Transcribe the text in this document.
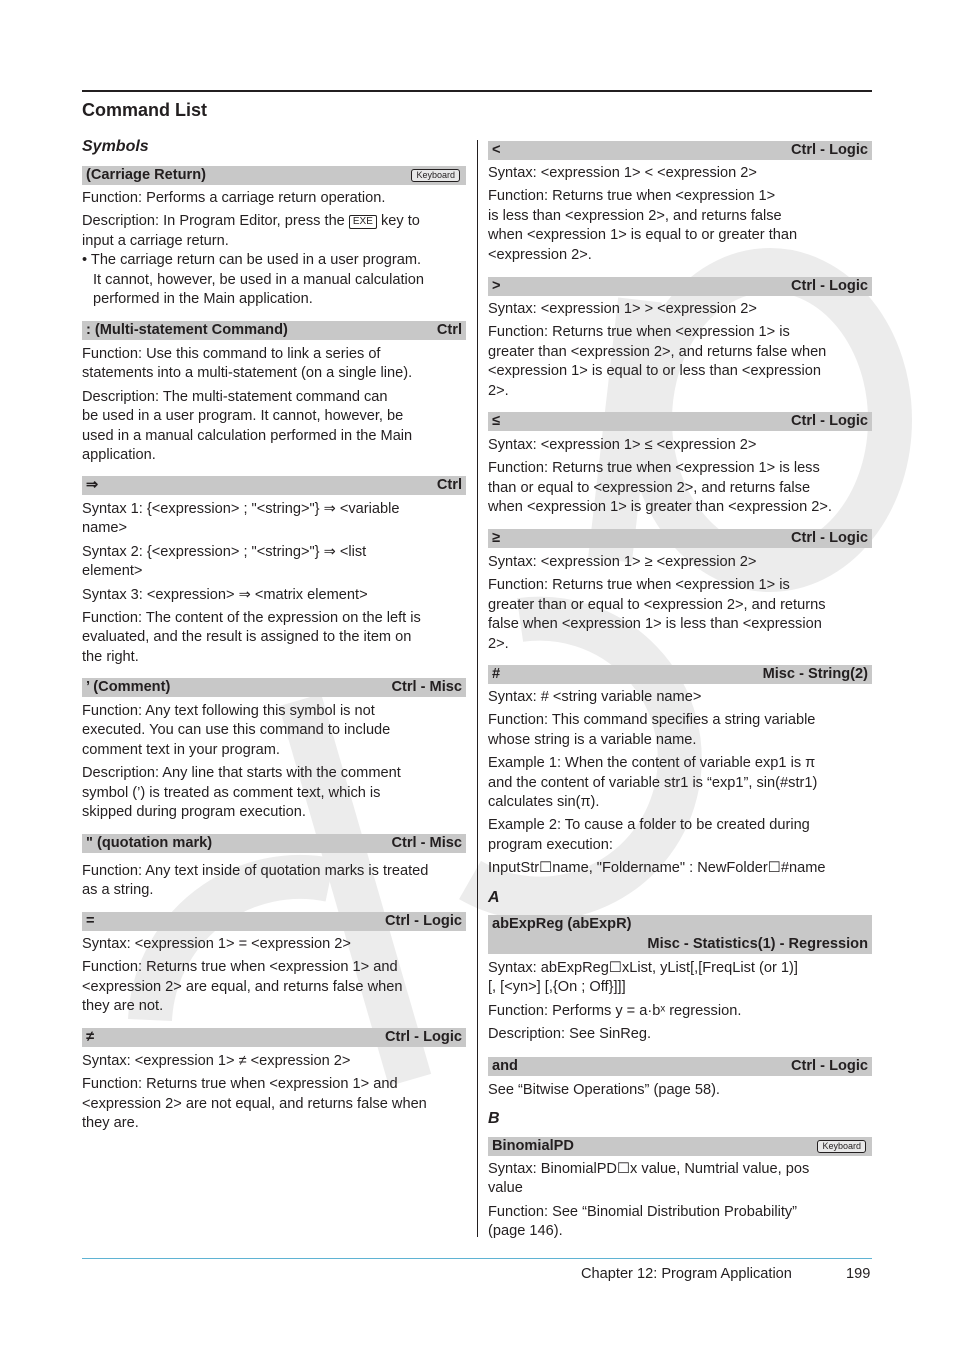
Command List
Symbols
(Carriage Return)	Keyboard
Function: Performs a carriage return operation.
Description: In Program Editor, press the EXE key to
input a carriage return.
• The carriage return can be used in a user program.
It cannot, however, be used in a manual calculation
performed in the Main application.
: (Multi-statement Command)	Ctrl
Function: Use this command to link a series of
statements into a multi-statement (on a single line).
Description: The multi-statement command can
be used in a user program. It cannot, however, be
used in a manual calculation performed in the Main
application.
⇒	Ctrl
Syntax 1: {<expression> ; "<string>"} ⇒ <variable
name>
Syntax 2: {<expression> ; "<string>"} ⇒ <list
element>
Syntax 3: <expression> ⇒ <matrix element>
Function: The content of the expression on the left is
evaluated, and the result is assigned to the item on
the right.
’ (Comment)	Ctrl - Misc
Function: Any text following this symbol is not
executed. You can use this command to include
comment text in your program.
Description: Any line that starts with the comment
symbol (’) is treated as comment text, which is
skipped during program execution.
" (quotation mark)	Ctrl - Misc
Function: Any text inside of quotation marks is treated
as a string.
=	Ctrl - Logic
Syntax: <expression 1> = <expression 2>
Function: Returns true when <expression 1> and
<expression 2> are equal, and returns false when
they are not.
≠	Ctrl - Logic
Syntax: <expression 1> ≠ <expression 2>
Function: Returns true when <expression 1> and
<expression 2> are not equal, and returns false when
they are.
<	Ctrl - Logic
Syntax: <expression 1> < <expression 2>
Function: Returns true when <expression 1>
is less than <expression 2>, and returns false
when <expression 1> is equal to or greater than
<expression 2>.
>	Ctrl - Logic
Syntax: <expression 1> > <expression 2>
Function: Returns true when <expression 1> is
greater than <expression 2>, and returns false when
<expression 1> is equal to or less than <expression
2>.
≤	Ctrl - Logic
Syntax: <expression 1> ≤ <expression 2>
Function: Returns true when <expression 1> is less
than or equal to <expression 2>, and returns false
when <expression 1> is greater than <expression 2>.
≥	Ctrl - Logic
Syntax: <expression 1> ≥ <expression 2>
Function: Returns true when <expression 1> is
greater than or equal to <expression 2>, and returns
false when <expression 1> is less than <expression
2>.
#	Misc - String(2)
Syntax: # <string variable name>
Function: This command specifies a string variable
whose string is a variable name.
Example 1: When the content of variable exp1 is π
and the content of variable str1 is “exp1”, sin(#str1)
calculates sin(π).
Example 2: To cause a folder to be created during
program execution:
InputStr☐name, "Foldername" : NewFolder☐#name
A
abExpReg (abExpR)
Misc - Statistics(1) - Regression
Syntax: abExpReg☐xList, yList[,[FreqList (or 1)]
[, [<yn>] [,{On ; Off}]]]
Function: Performs y = a·bˣ regression.
Description: See SinReg.
and	Ctrl - Logic
See “Bitwise Operations” (page 58).
B
BinomialPD	Keyboard
Syntax: BinomialPD☐x value, Numtrial value, pos
value
Function: See “Binomial Distribution Probability”
(page 146).
Chapter 12: Program Application	199
